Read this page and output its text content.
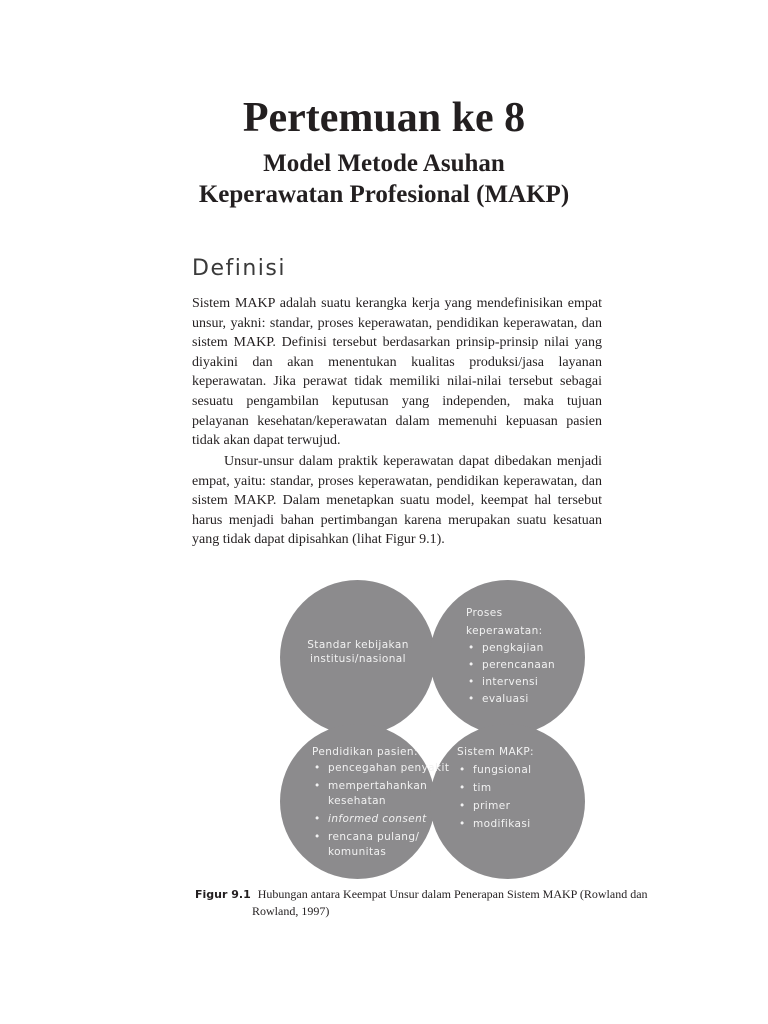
Pertemuan ke 8
Model Metode Asuhan
Keperawatan Profesional (MAKP)
Definisi

Sistem MAKP adalah suatu kerangka kerja yang mendefinisikan empat unsur, yakni: standar, proses keperawatan, pendidikan keperawatan, dan sistem MAKP. Definisi tersebut berdasarkan prinsip-prinsip nilai yang diyakini dan akan menentukan kualitas produksi/jasa layanan keperawatan. Jika perawat tidak memiliki nilai-nilai tersebut sebagai sesuatu pengambilan keputusan yang independen, maka tujuan pelayanan kesehatan/keperawatan dalam memenuhi kepuasan pasien tidak akan dapat terwujud.

Unsur-unsur dalam praktik keperawatan dapat dibedakan menjadi empat, yaitu: standar, proses keperawatan, pendidikan keperawatan, dan sistem MAKP. Dalam menetapkan suatu model, keempat hal tersebut harus menjadi bahan pertimbangan karena merupakan suatu kesatuan yang tidak dapat dipisahkan (lihat Figur 9.1).

Standar kebijakan
institusi/nasional
Proses
keperawatan:
• pengkajian
• perencanaan
• intervensi
• evaluasi
Pendidikan pasien:
• pencegahan penyakit
• mempertahankan
kesehatan
• informed consent
• rencana pulang/
komunitas
Sistem MAKP:
• fungsional
• tim
• primer
• modifikasi

Figur 9.1 Hubungan antara Keempat Unsur dalam Penerapan Sistem MAKP (Rowland dan
Rowland, 1997)
